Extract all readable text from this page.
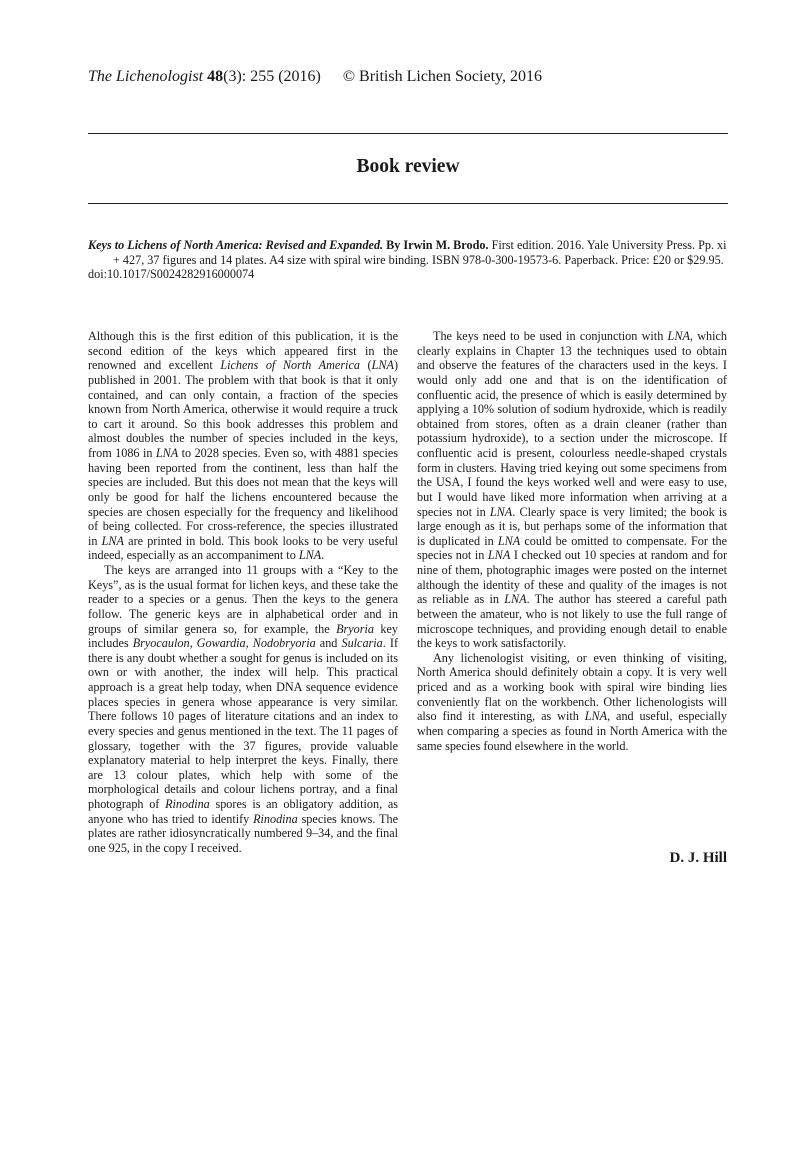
The Lichenologist 48(3): 255 (2016) © British Lichen Society, 2016
Book review
Keys to Lichens of North America: Revised and Expanded. By Irwin M. Brodo. First edition. 2016. Yale University Press. Pp. xi + 427, 37 figures and 14 plates. A4 size with spiral wire binding. ISBN 978-0-300-19573-6. Paperback. Price: £20 or $29.95.
doi:10.1017/S0024282916000074

Although this is the first edition of this publication, it is the second edition of the keys which appeared first in the renowned and excellent Lichens of North America (LNA) published in 2001. The problem with that book is that it only contained, and can only contain, a fraction of the species known from North America, otherwise it would require a truck to cart it around. So this book addresses this problem and almost doubles the number of species included in the keys, from 1086 in LNA to 2028 species. Even so, with 4881 species having been reported from the continent, less than half the species are included. But this does not mean that the keys will only be good for half the lichens encountered because the species are chosen especially for the frequency and likelihood of being collected. For cross-reference, the species illustrated in LNA are printed in bold. This book looks to be very useful indeed, especially as an accompaniment to LNA.

The keys are arranged into 11 groups with a “Key to the Keys”, as is the usual format for lichen keys, and these take the reader to a species or a genus. Then the keys to the genera follow. The generic keys are in alphabetical order and in groups of similar genera so, for example, the Bryoria key includes Bryocaulon, Gowardia, Nodobryoria and Sulcaria. If there is any doubt whether a sought for genus is included on its own or with another, the index will help. This practical approach is a great help today, when DNA sequence evidence places species in genera whose appearance is very similar. There follows 10 pages of literature citations and an index to every species and genus mentioned in the text. The 11 pages of glossary, together with the 37 figures, provide valuable explanatory material to help interpret the keys. Finally, there are 13 colour plates, which help with some of the morphological details and colour lichens portray, and a final photograph of Rinodina spores is an obligatory addition, as anyone who has tried to identify Rinodina species knows. The plates are rather idiosyncratically numbered 9–34, and the final one 925, in the copy I received.

The keys need to be used in conjunction with LNA, which clearly explains in Chapter 13 the techniques used to obtain and observe the features of the characters used in the keys. I would only add one and that is on the identification of confluentic acid, the presence of which is easily determined by applying a 10% solution of sodium hydroxide, which is readily obtained from stores, often as a drain cleaner (rather than potassium hydroxide), to a section under the microscope. If confluentic acid is present, colourless needle-shaped crystals form in clusters. Having tried keying out some specimens from the USA, I found the keys worked well and were easy to use, but I would have liked more information when arriving at a species not in LNA. Clearly space is very limited; the book is large enough as it is, but perhaps some of the information that is duplicated in LNA could be omitted to compensate. For the species not in LNA I checked out 10 species at random and for nine of them, photographic images were posted on the internet although the identity of these and quality of the images is not as reliable as in LNA. The author has steered a careful path between the amateur, who is not likely to use the full range of microscope techniques, and providing enough detail to enable the keys to work satisfactorily.

Any lichenologist visiting, or even thinking of visiting, North America should definitely obtain a copy. It is very well priced and as a working book with spiral wire binding lies conveniently flat on the workbench. Other lichenologists will also find it interesting, as with LNA, and useful, especially when comparing a species as found in North America with the same species found elsewhere in the world.

D. J. Hill
